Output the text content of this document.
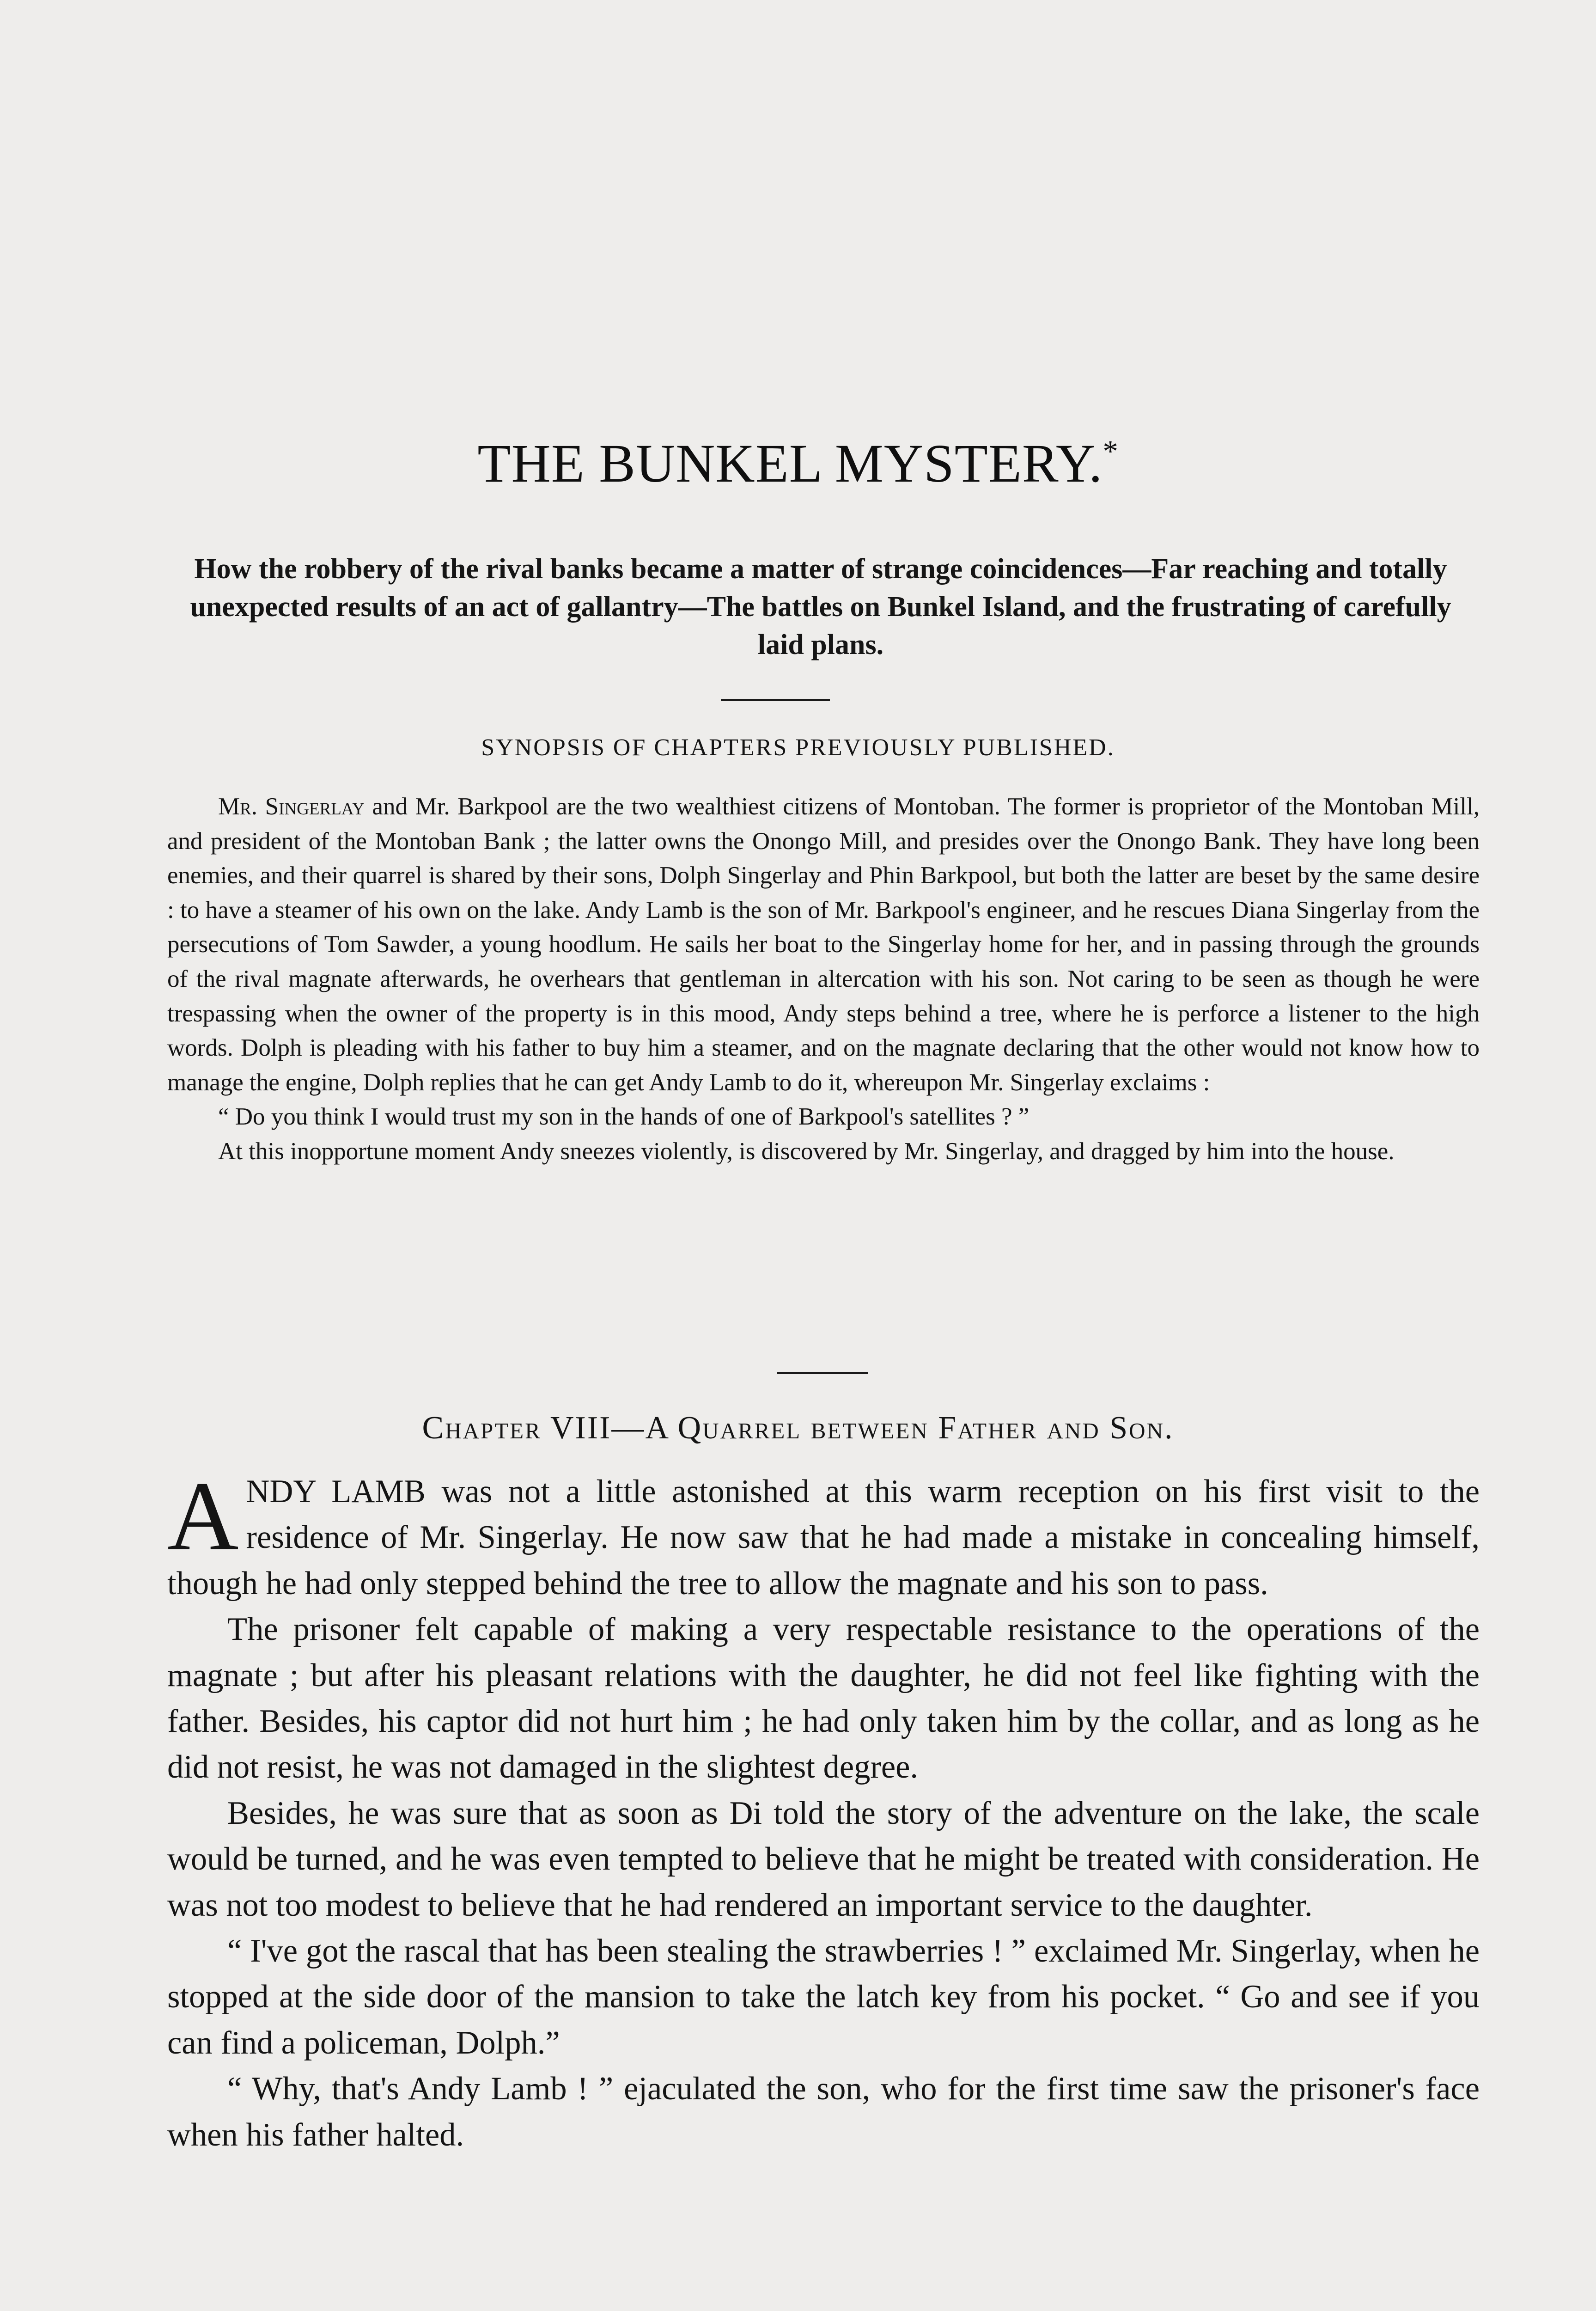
THE BUNKEL MYSTERY.*
How the robbery of the rival banks became a matter of strange coincidences—Far reaching and totally unexpected results of an act of gallantry—The battles on Bunkel Island, and the frustrating of carefully laid plans.
SYNOPSIS OF CHAPTERS PREVIOUSLY PUBLISHED.

Mr. Singerlay and Mr. Barkpool are the two wealthiest citizens of Montoban. The former is proprietor of the Montoban Mill, and president of the Montoban Bank ; the latter owns the Onongo Mill, and presides over the Onongo Bank. They have long been enemies, and their quarrel is shared by their sons, Dolph Singerlay and Phin Barkpool, but both the latter are beset by the same desire : to have a steamer of his own on the lake. Andy Lamb is the son of Mr. Barkpool's engineer, and he rescues Diana Singerlay from the persecutions of Tom Sawder, a young hoodlum. He sails her boat to the Singerlay home for her, and in passing through the grounds of the rival magnate afterwards, he overhears that gentleman in altercation with his son. Not caring to be seen as though he were trespassing when the owner of the property is in this mood, Andy steps behind a tree, where he is perforce a listener to the high words. Dolph is pleading with his father to buy him a steamer, and on the magnate declaring that the other would not know how to manage the engine, Dolph replies that he can get Andy Lamb to do it, whereupon Mr. Singerlay exclaims :

“ Do you think I would trust my son in the hands of one of Barkpool's satellites ? ”

At this inopportune moment Andy sneezes violently, is discovered by Mr. Singerlay, and dragged by him into the house.

Chapter VIII—A Quarrel between Father and Son.

ANDY LAMB was not a little astonished at this warm reception on his first visit to the residence of Mr. Singerlay. He now saw that he had made a mistake in concealing himself, though he had only stepped behind the tree to allow the magnate and his son to pass.

The prisoner felt capable of making a very respectable resistance to the operations of the magnate ; but after his pleasant relations with the daughter, he did not feel like fighting with the father. Besides, his captor did not hurt him ; he had only taken him by the collar, and as long as he did not resist, he was not damaged in the slightest degree.

Besides, he was sure that as soon as Di told the story of the adventure on the lake, the scale would be turned, and he was even tempted to believe that he might be treated with consideration. He was not too modest to believe that he had rendered an important service to the daughter.

“ I've got the rascal that has been stealing the strawberries ! ” exclaimed Mr. Singerlay, when he stopped at the side door of the mansion to take the latch key from his pocket. “ Go and see if you can find a policeman, Dolph.”

“ Why, that's Andy Lamb ! ” ejaculated the son, who for the first time saw the prisoner's face when his father halted.
